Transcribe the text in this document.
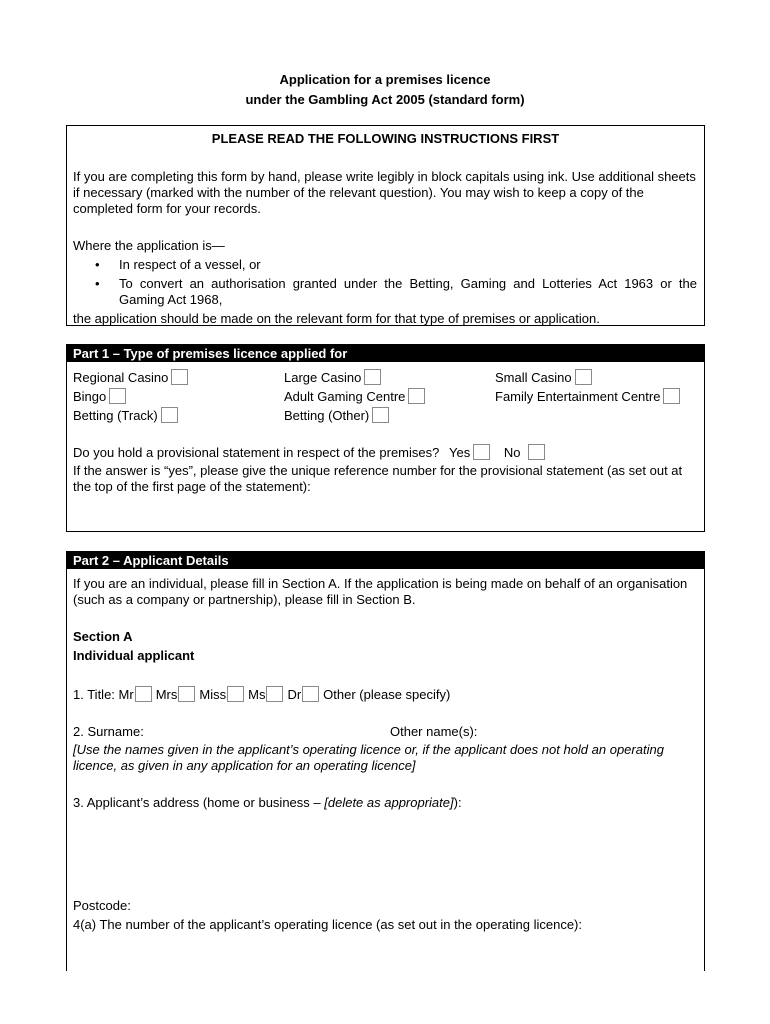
Application for a premises licence
under the Gambling Act 2005 (standard form)
PLEASE READ THE FOLLOWING INSTRUCTIONS FIRST
If you are completing this form by hand, please write legibly in block capitals using ink. Use additional sheets if necessary (marked with the number of the relevant question). You may wish to keep a copy of the completed form for your records.
Where the application is—
• In respect of a vessel, or
• To convert an authorisation granted under the Betting, Gaming and Lotteries Act 1963 or the Gaming Act 1968,
the application should be made on the relevant form for that type of premises or application.
Part 1 – Type of premises licence applied for
Regional Casino	Large Casino	Small Casino
Bingo	Adult Gaming Centre	Family Entertainment Centre
Betting (Track)	Betting (Other)
Do you hold a provisional statement in respect of the premises? Yes	No
If the answer is “yes”, please give the unique reference number for the provisional statement (as set out at the top of the first page of the statement):
Part 2 – Applicant Details
If you are an individual, please fill in Section A. If the application is being made on behalf of an organisation (such as a company or partnership), please fill in Section B.
Section A
Individual applicant
1. Title: Mr Mrs Miss Ms Dr Other (please specify)
2. Surname:	Other name(s):
[Use the names given in the applicant’s operating licence or, if the applicant does not hold an operating licence, as given in any application for an operating licence]
3. Applicant’s address (home or business – [delete as appropriate]):
Postcode:
4(a) The number of the applicant’s operating licence (as set out in the operating licence):
